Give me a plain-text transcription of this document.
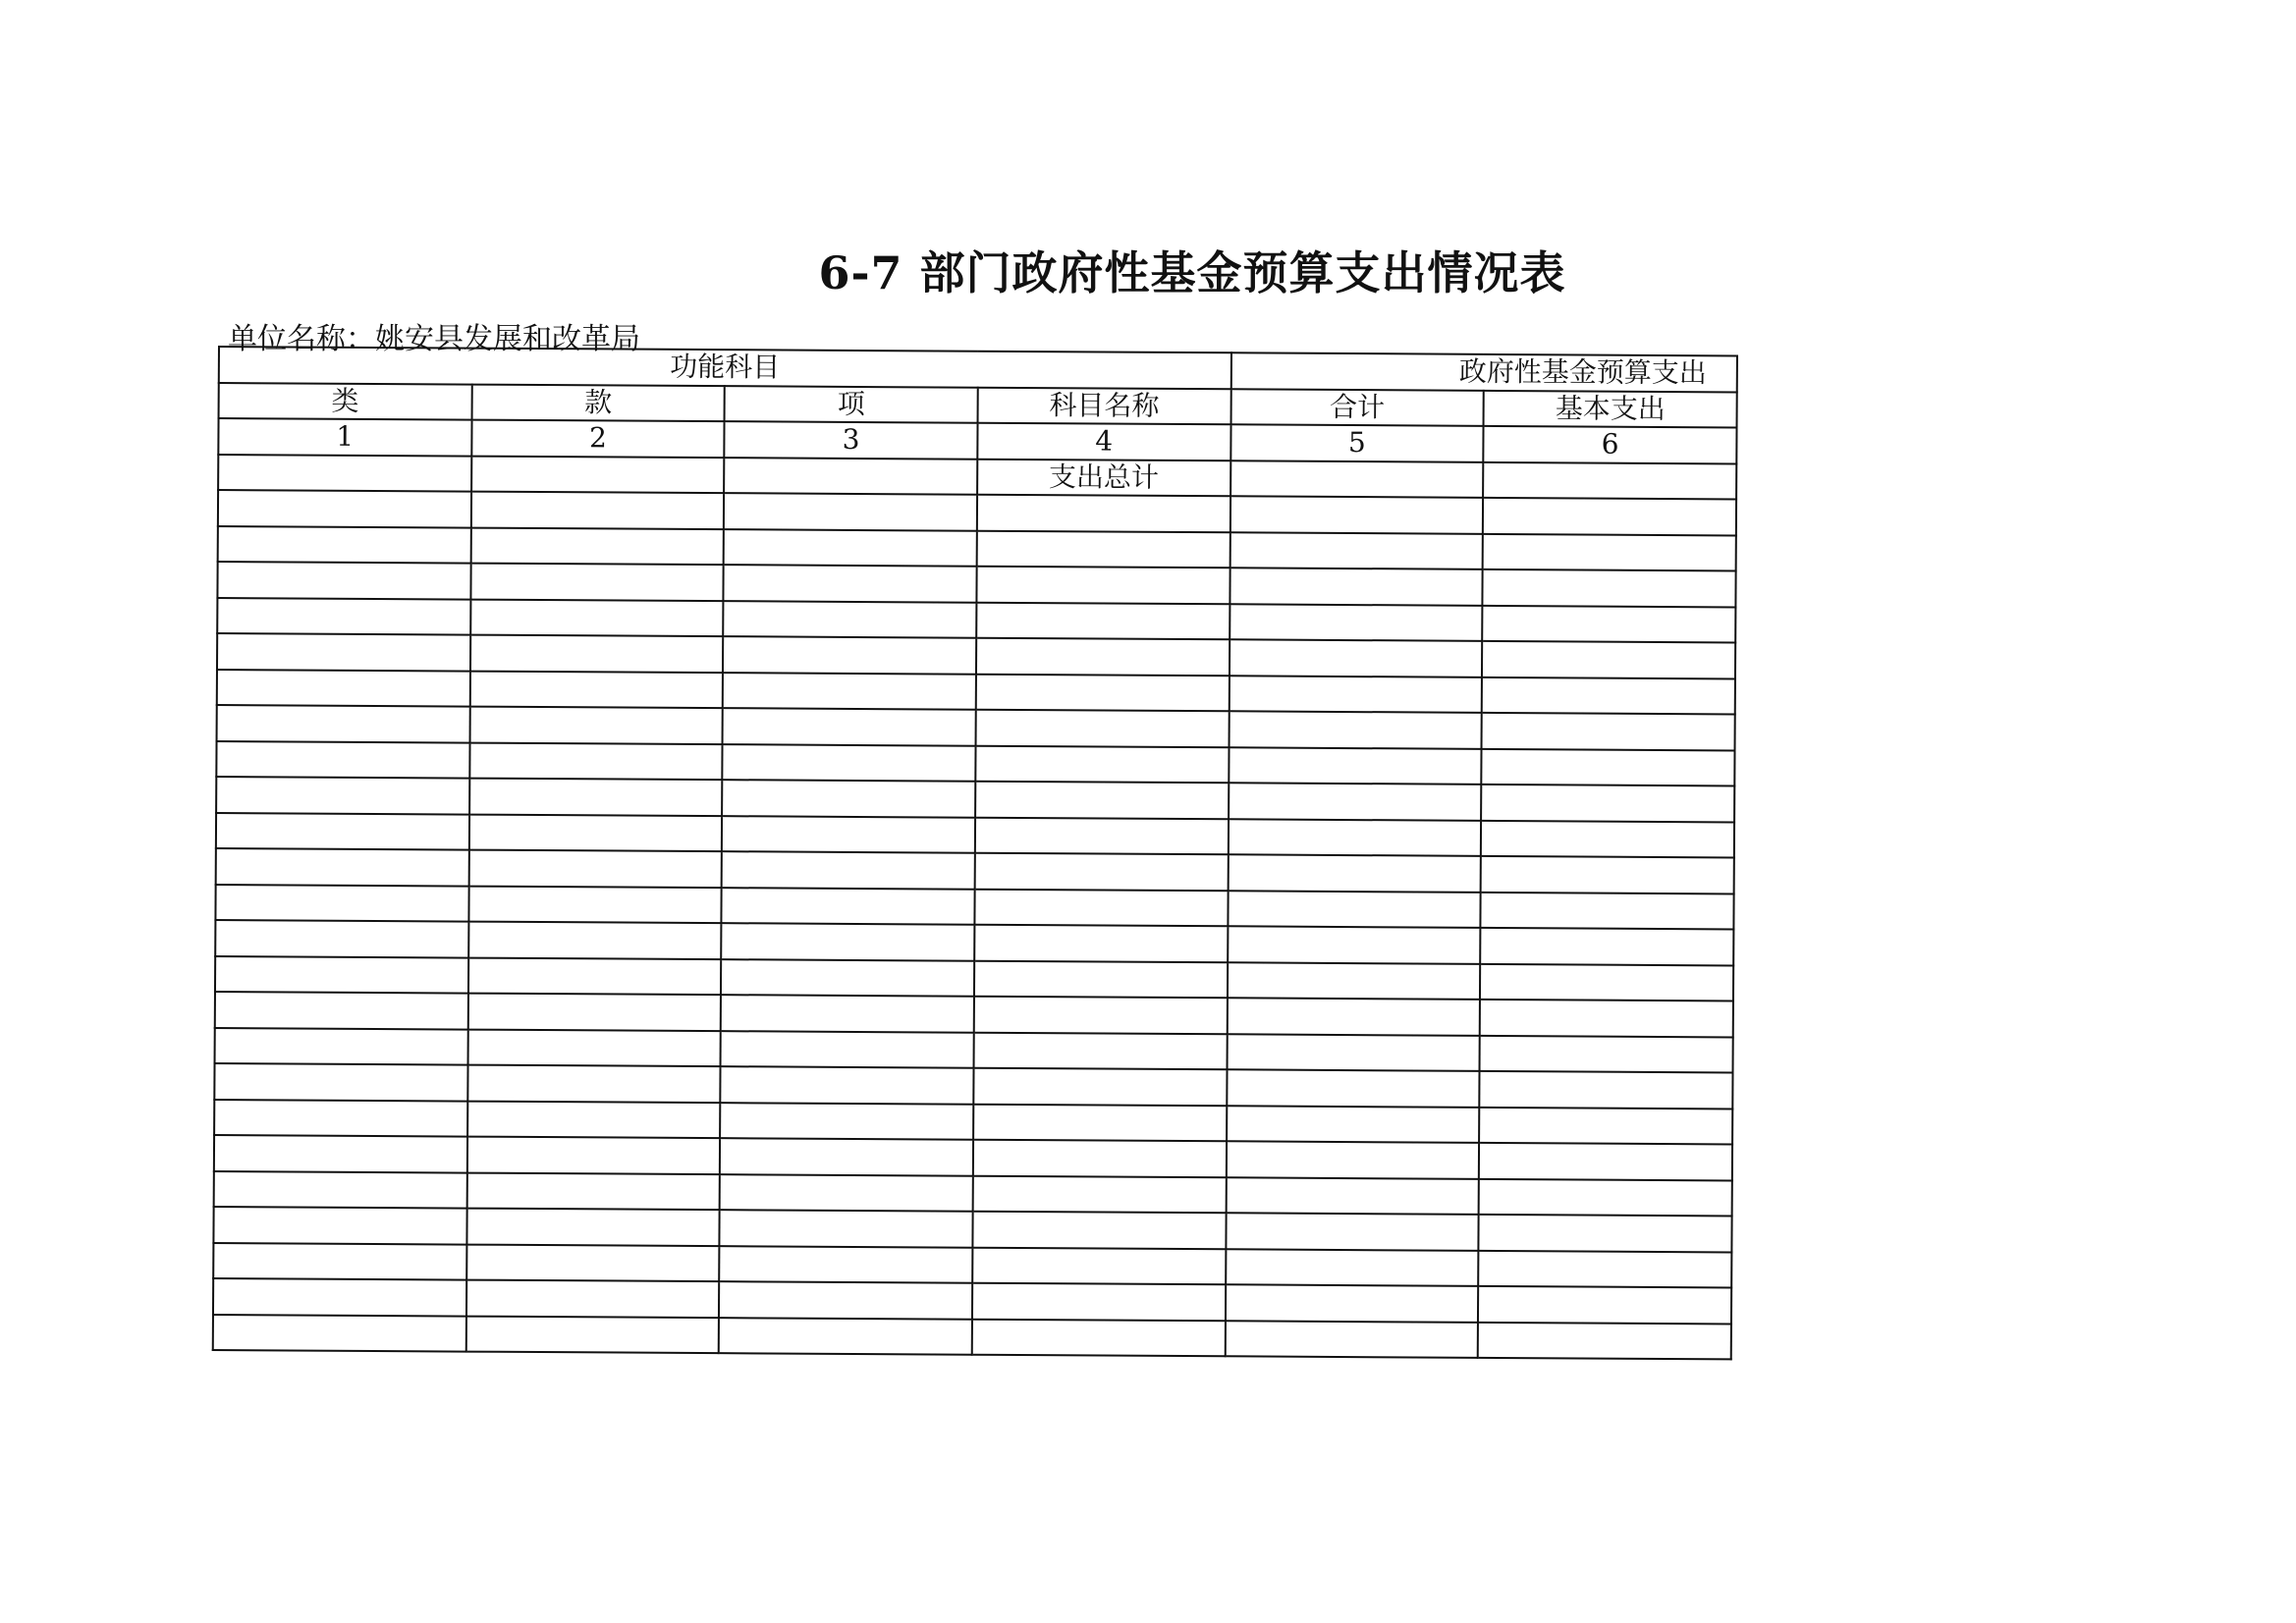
6-7 部门政府性基金预算支出情况表
单位名称：姚安县发展和改革局
功能科目				政府性基金预算支出	
类	款	项	科目名称	合计	基本支出
1	2	3	4	5	6
			支出总计		
